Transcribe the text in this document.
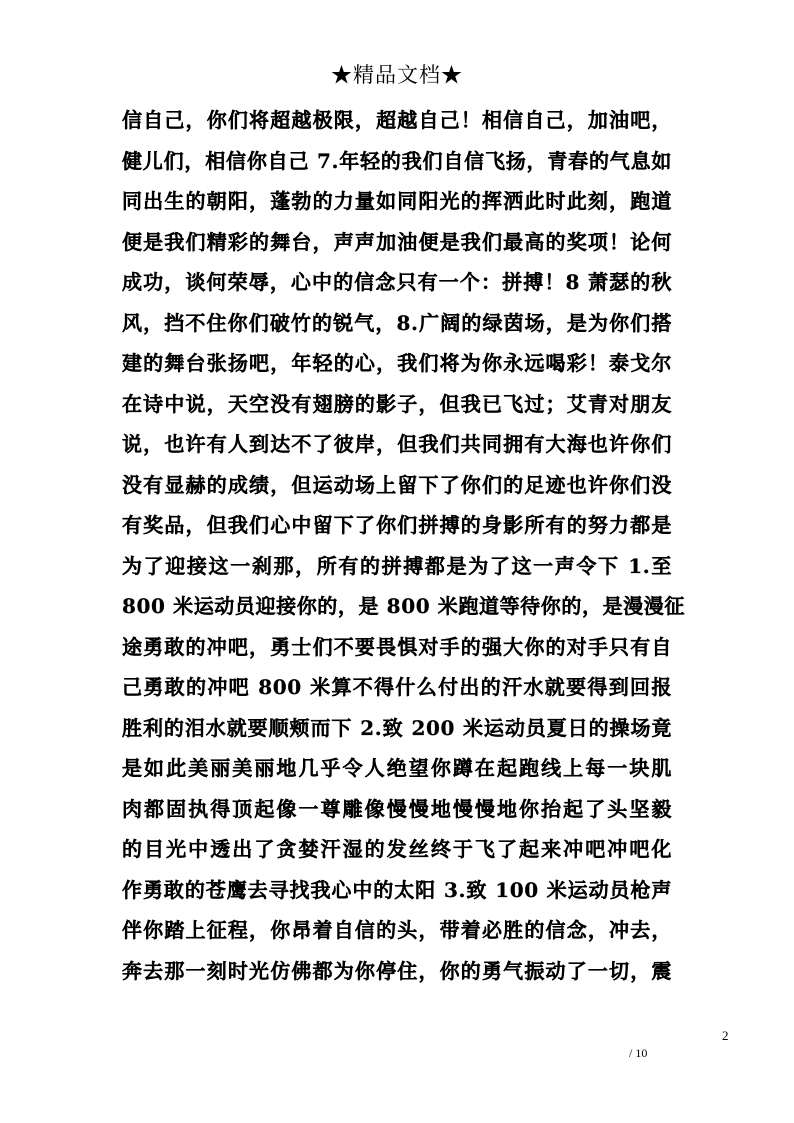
★精品文档★
信自己，你们将超越极限，超越自己！相信自己，加油吧，
健儿们，相信你自己 7.年轻的我们自信飞扬，青春的气息如
同出生的朝阳，蓬勃的力量如同阳光的挥洒此时此刻，跑道
便是我们精彩的舞台，声声加油便是我们最高的奖项！论何
成功，谈何荣辱，心中的信念只有一个：拼搏！8 萧瑟的秋
风，挡不住你们破竹的锐气，8.广阔的绿茵场，是为你们搭
建的舞台张扬吧，年轻的心，我们将为你永远喝彩！泰戈尔
在诗中说，天空没有翅膀的影子，但我已飞过；艾青对朋友
说，也许有人到达不了彼岸，但我们共同拥有大海也许你们
没有显赫的成绩，但运动场上留下了你们的足迹也许你们没
有奖品，但我们心中留下了你们拼搏的身影所有的努力都是
为了迎接这一刹那，所有的拼搏都是为了这一声令下 1.至
800 米运动员迎接你的，是 800 米跑道等待你的，是漫漫征
途勇敢的冲吧，勇士们不要畏惧对手的强大你的对手只有自
己勇敢的冲吧 800 米算不得什么付出的汗水就要得到回报
胜利的泪水就要顺颊而下 2.致 200 米运动员夏日的操场竟
是如此美丽美丽地几乎令人绝望你蹲在起跑线上每一块肌
肉都固执得顶起像一尊雕像慢慢地慢慢地你抬起了头坚毅
的目光中透出了贪婪汗湿的发丝终于飞了起来冲吧冲吧化
作勇敢的苍鹰去寻找我心中的太阳 3.致 100 米运动员枪声
伴你踏上征程，你昂着自信的头，带着必胜的信念，冲去，
奔去那一刻时光仿佛都为你停住，你的勇气振动了一切，震
2
/ 10
